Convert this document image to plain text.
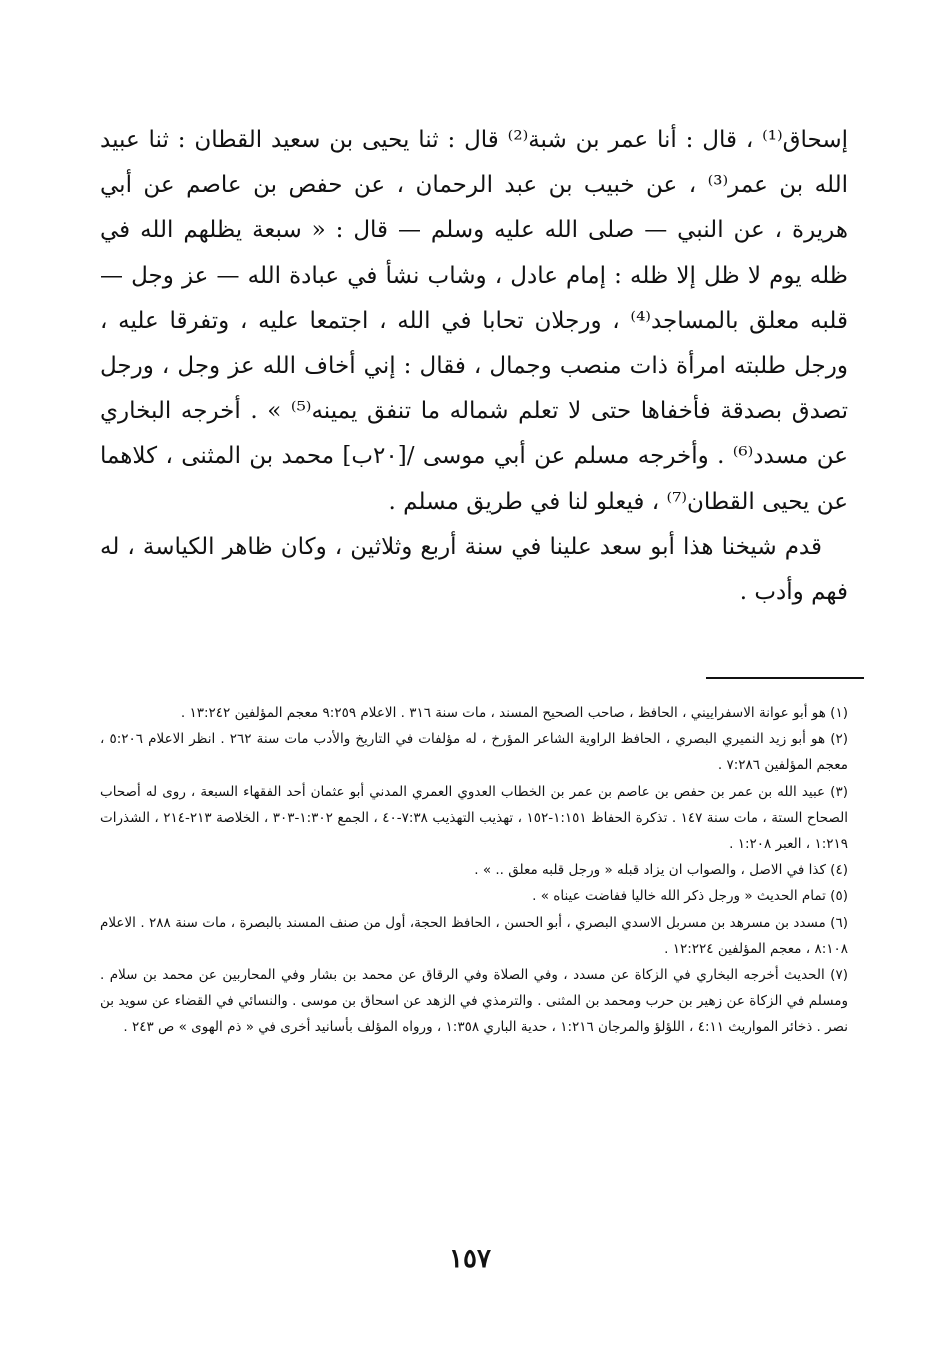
إسحاق⁽¹⁾ ، قال : أنا عمر بن شبة⁽²⁾ قال : ثنا يحيى بن سعيد القطان : ثنا عبيد الله بن عمر⁽³⁾ ، عن خبيب بن عبد الرحمان ، عن حفص بن عاصم عن أبي هريرة ، عن النبي — صلى الله عليه وسلم — قال : « سبعة يظلهم الله في ظله يوم لا ظل إلا ظله : إمام عادل ، وشاب نشأ في عبادة الله — عز وجل — قلبه معلق بالمساجد⁽⁴⁾ ، ورجلان تحابا في الله ، اجتمعا عليه ، وتفرقا عليه ، ورجل طلبته امرأة ذات منصب وجمال ، فقال : إني أخاف الله عز وجل ، ورجل تصدق بصدقة فأخفاها حتى لا تعلم شماله ما تنفق يمينه⁽⁵⁾ » . أخرجه البخاري عن مسدد⁽⁶⁾ . وأخرجه مسلم عن أبي موسى /[٢٠ب] محمد بن المثنى ، كلاهما عن يحيى القطان⁽⁷⁾ ، فيعلو لنا في طريق مسلم .

قدم شيخنا هذا أبو سعد علينا في سنة أربع وثلاثين ، وكان ظاهر الكياسة ، له فهم وأدب .

(١) هو أبو عوانة الاسفراييني ، الحافظ ، صاحب الصحيح المسند ، مات سنة ٣١٦ . الاعلام ٩:٢٥٩ معجم المؤلفين ١٣:٢٤٢ .

(٢) هو أبو زيد النميري البصري ، الحافظ الراوية الشاعر المؤرخ ، له مؤلفات في التاريخ والأدب مات سنة ٢٦٢ . انظر الاعلام ٥:٢٠٦ ، معجم المؤلفين ٧:٢٨٦ .

(٣) عبيد الله بن عمر بن حفص بن عاصم بن عمر بن الخطاب العدوي العمري المدني أبو عثمان أحد الفقهاء السبعة ، روى له أصحاب الصحاح الستة ، مات سنة ١٤٧ . تذكرة الحفاظ ١:١٥١-١٥٢ ، تهذيب التهذيب ٧:٣٨-٤٠ ، الجمع ١:٣٠٢-٣٠٣ ، الخلاصة ٢١٣-٢١٤ ، الشذرات ١:٢١٩ ، العبر ١:٢٠٨ .

(٤) كذا في الاصل ، والصواب ان يزاد قبله « ورجل قلبه معلق .. » .

(٥) تمام الحديث « ورجل ذكر الله خاليا ففاضت عيناه » .

(٦) مسدد بن مسرهد بن مسربل الاسدي البصري ، أبو الحسن ، الحافظ الحجة، أول من صنف المسند بالبصرة ، مات سنة ٢٨٨ . الاعلام ٨:١٠٨ ، معجم المؤلفين ١٢:٢٢٤ .

(٧) الحديث أخرجه البخاري في الزكاة عن مسدد ، وفي الصلاة وفي الرقاق عن محمد بن بشار وفي المحاربين عن محمد بن سلام . ومسلم في الزكاة عن زهير بن حرب ومحمد بن المثنى . والترمذي في الزهد عن اسحاق بن موسى . والنسائي في القضاء عن سويد بن نصر . ذخائر المواريث ٤:١١ ، اللؤلؤ والمرجان ١:٢١٦ ، حدية الباري ١:٣٥٨ ، ورواه المؤلف بأسانيد أخرى في « ذم الهوى » ص ٢٤٣ .

١٥٧
